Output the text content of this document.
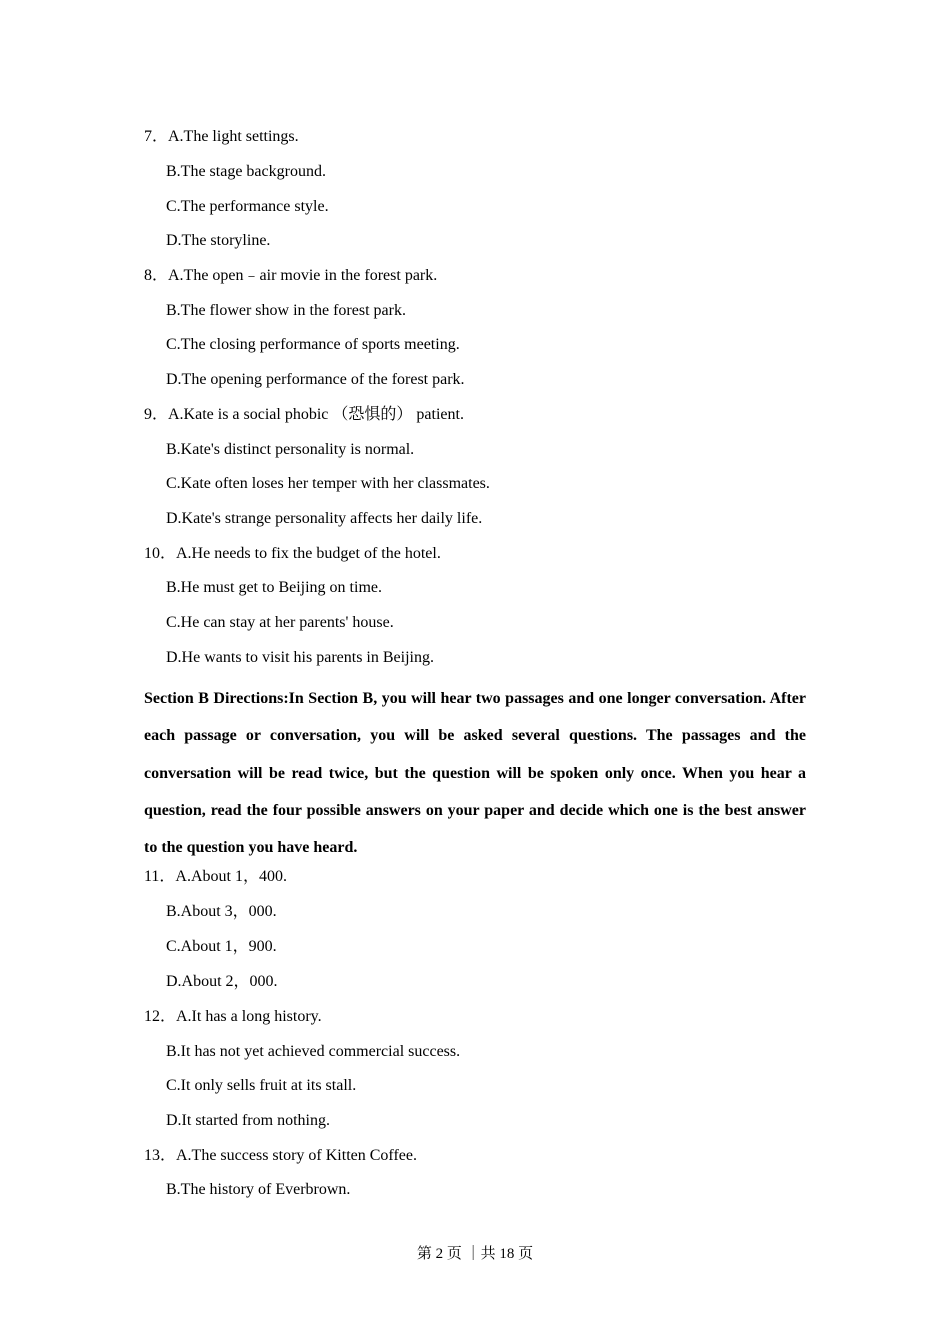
7．A.The light settings.
B.The stage background.
C.The performance style.
D.The storyline.
8．A.The open﹣air movie in the forest park.
B.The flower show in the forest park.
C.The closing performance of sports meeting.
D.The opening performance of the forest park.
9．A.Kate is a social phobic （恐惧的） patient.
B.Kate's distinct personality is normal.
C.Kate often loses her temper with her classmates.
D.Kate's strange personality affects her daily life.
10．A.He needs to fix the budget of the hotel.
B.He must get to Beijing on time.
C.He can stay at her parents' house.
D.He wants to visit his parents in Beijing.
Section B Directions:In Section B, you will hear two passages and one longer conversation. After each passage or conversation, you will be asked several questions. The passages and the conversation will be read twice, but the question will be spoken only once. When you hear a question, read the four possible answers on your paper and decide which one is the best answer to the question you have heard.
11．A.About 1，400.
B.About 3，000.
C.About 1，900.
D.About 2，000.
12．A.It has a long history.
B.It has not yet achieved commercial success.
C.It only sells fruit at its stall.
D.It started from nothing.
13．A.The success story of Kitten Coffee.
B.The history of Everbrown.
第 2 页 ｜共 18 页
